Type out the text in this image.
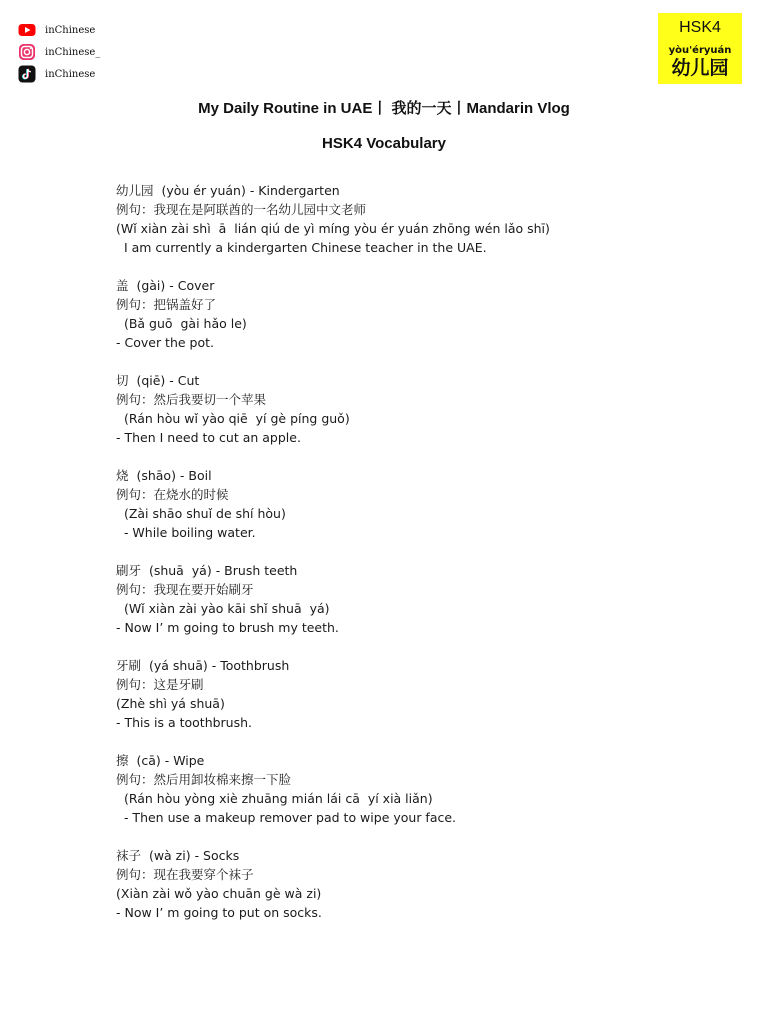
inChinese
inChinese_
inChinese
HSK4
yòu'éryuán
幼儿园
My Daily Routine in UAE丨 我的一天丨Mandarin Vlog
HSK4 Vocabulary
幼儿园  (yòu ér yuán) - Kindergarten
例句：我现在是阿联酋的一名幼儿园中文老师
(Wǐ xiàn zài shì  ā  lián qiú de yì míng yòu ér yuán zhōng wén lǎo shī)
I am currently a kindergarten Chinese teacher in the UAE.
盖  (gài) - Cover
例句：把锅盖好了
(Bǎ guō  gài hǎo le)
- Cover the pot.
切  (qiē) - Cut
例句：然后我要切一个苹果
(Rán hòu wǐ yào qiē  yí gè píng guǒ)
- Then I need to cut an apple.
烧  (shāo) - Boil
例句：在烧水的时候
(Zài shāo shuǐ de shí hòu)
- While boiling water.
刷牙  (shuā  yá) - Brush teeth
例句：我现在要开始刷牙
(Wǐ xiàn zài yào kāi shǐ shuā  yá)
- Now I’ m going to brush my teeth.
牙刷  (yá shuā) - Toothbrush
例句：这是牙刷
(Zhè shì yá shuā)
- This is a toothbrush.
擦  (cā) - Wipe
例句：然后用卸妆棉来擦一下脸
(Rán hòu yòng xiè zhuāng mián lái cā  yí xià liǎn)
- Then use a makeup remover pad to wipe your face.
袜子  (wà zi) - Socks
例句：现在我要穿个袜子
(Xiàn zài wǒ yào chuān gè wà zi)
- Now I’ m going to put on socks.
